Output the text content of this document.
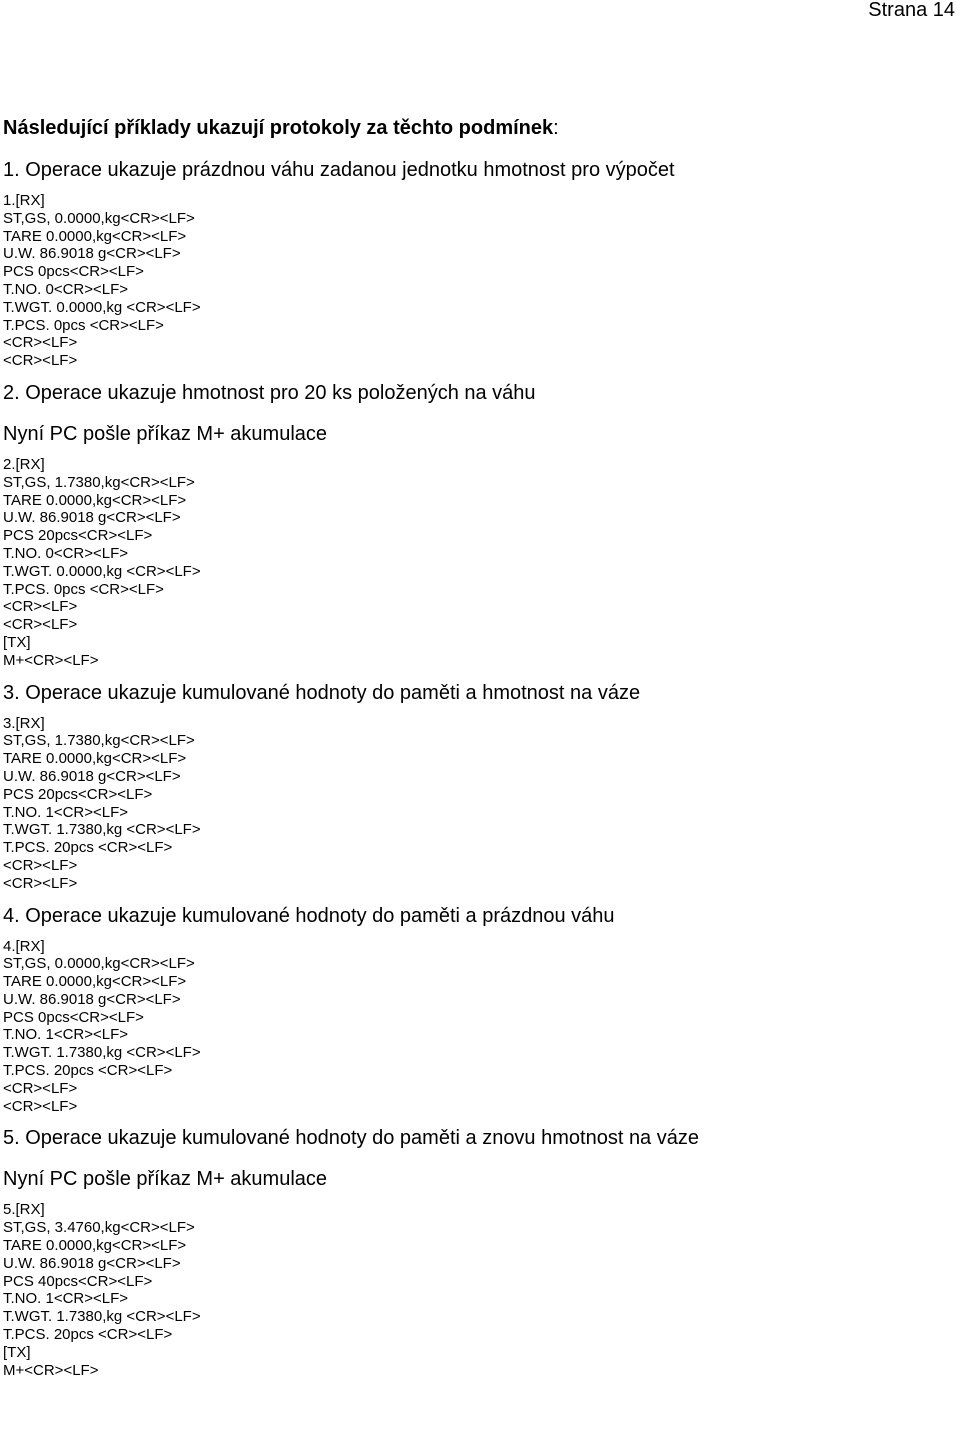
Strana 14
Následující příklady ukazují protokoly za těchto podmínek:
1. Operace ukazuje prázdnou váhu zadanou jednotku hmotnost pro výpočet
1.[RX]
ST,GS, 0.0000,kg<CR><LF>
TARE 0.0000,kg<CR><LF>
U.W. 86.9018 g<CR><LF>
PCS 0pcs<CR><LF>
T.NO. 0<CR><LF>
T.WGT. 0.0000,kg <CR><LF>
T.PCS. 0pcs <CR><LF>
<CR><LF>
<CR><LF>
2. Operace ukazuje hmotnost pro 20 ks položených na váhu
Nyní PC pošle příkaz M+ akumulace
2.[RX]
ST,GS, 1.7380,kg<CR><LF>
TARE 0.0000,kg<CR><LF>
U.W. 86.9018 g<CR><LF>
PCS 20pcs<CR><LF>
T.NO. 0<CR><LF>
T.WGT. 0.0000,kg <CR><LF>
T.PCS. 0pcs <CR><LF>
<CR><LF>
<CR><LF>
[TX]
M+<CR><LF>
3. Operace ukazuje kumulované hodnoty do paměti a hmotnost na váze
3.[RX]
ST,GS, 1.7380,kg<CR><LF>
TARE 0.0000,kg<CR><LF>
U.W. 86.9018 g<CR><LF>
PCS 20pcs<CR><LF>
T.NO. 1<CR><LF>
T.WGT. 1.7380,kg <CR><LF>
T.PCS. 20pcs <CR><LF>
<CR><LF>
<CR><LF>
4. Operace ukazuje kumulované hodnoty do paměti a prázdnou váhu
4.[RX]
ST,GS, 0.0000,kg<CR><LF>
TARE 0.0000,kg<CR><LF>
U.W. 86.9018 g<CR><LF>
PCS 0pcs<CR><LF>
T.NO. 1<CR><LF>
T.WGT. 1.7380,kg <CR><LF>
T.PCS. 20pcs <CR><LF>
<CR><LF>
<CR><LF>
5. Operace ukazuje kumulované hodnoty do paměti a znovu hmotnost na váze
Nyní PC pošle příkaz M+ akumulace
5.[RX]
ST,GS, 3.4760,kg<CR><LF>
TARE 0.0000,kg<CR><LF>
U.W. 86.9018 g<CR><LF>
PCS 40pcs<CR><LF>
T.NO. 1<CR><LF>
T.WGT. 1.7380,kg <CR><LF>
T.PCS. 20pcs <CR><LF>
[TX]
M+<CR><LF>
